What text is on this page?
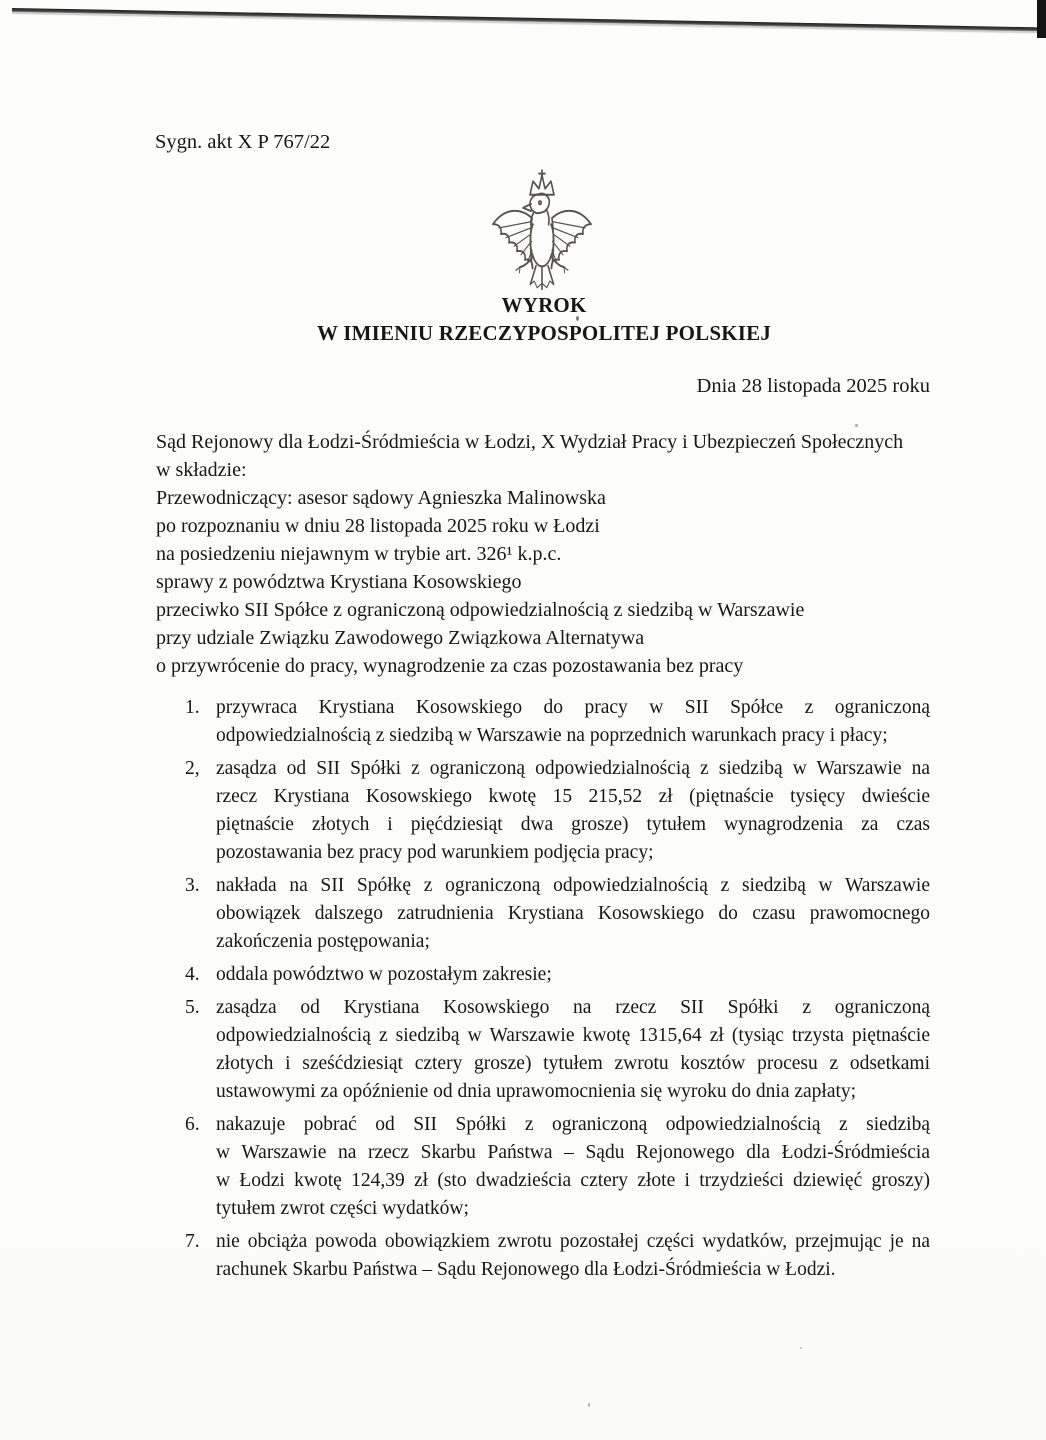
Sygn. akt X P 767/22
WYROK
W IMIENIU RZECZYPOSPOLITEJ POLSKIEJ
Dnia 28 listopada 2025 roku
Sąd Rejonowy dla Łodzi-Śródmieścia w Łodzi, X Wydział Pracy i Ubezpieczeń Społecznych
w składzie:
Przewodniczący: asesor sądowy Agnieszka Malinowska
po rozpoznaniu w dniu 28 listopada 2025 roku w Łodzi
na posiedzeniu niejawnym w trybie art. 326¹ k.p.c.
sprawy z powództwa Krystiana Kosowskiego
przeciwko SII Spółce z ograniczoną odpowiedzialnością z siedzibą w Warszawie
przy udziale Związku Zawodowego Związkowa Alternatywa
o przywrócenie do pracy, wynagrodzenie za czas pozostawania bez pracy
1. przywraca Krystiana Kosowskiego do pracy w SII Spółce z ograniczoną
odpowiedzialnością z siedzibą w Warszawie na poprzednich warunkach pracy i płacy;
2, zasądza od SII Spółki z ograniczoną odpowiedzialnością z siedzibą w Warszawie na
rzecz Krystiana Kosowskiego kwotę 15 215,52 zł (piętnaście tysięcy dwieście
piętnaście złotych i pięćdziesiąt dwa grosze) tytułem wynagrodzenia za czas
pozostawania bez pracy pod warunkiem podjęcia pracy;
3. nakłada na SII Spółkę z ograniczoną odpowiedzialnością z siedzibą w Warszawie
obowiązek dalszego zatrudnienia Krystiana Kosowskiego do czasu prawomocnego
zakończenia postępowania;
4. oddala powództwo w pozostałym zakresie;
5. zasądza od Krystiana Kosowskiego na rzecz SII Spółki z ograniczoną
odpowiedzialnością z siedzibą w Warszawie kwotę 1315,64 zł (tysiąc trzysta piętnaście
złotych i sześćdziesiąt cztery grosze) tytułem zwrotu kosztów procesu z odsetkami
ustawowymi za opóźnienie od dnia uprawomocnienia się wyroku do dnia zapłaty;
6. nakazuje pobrać od SII Spółki z ograniczoną odpowiedzialnością z siedzibą
w Warszawie na rzecz Skarbu Państwa – Sądu Rejonowego dla Łodzi-Śródmieścia
w Łodzi kwotę 124,39 zł (sto dwadzieścia cztery złote i trzydzieści dziewięć groszy)
tytułem zwrot części wydatków;
7. nie obciąża powoda obowiązkiem zwrotu pozostałej części wydatków, przejmując je na
rachunek Skarbu Państwa – Sądu Rejonowego dla Łodzi-Śródmieścia w Łodzi.
